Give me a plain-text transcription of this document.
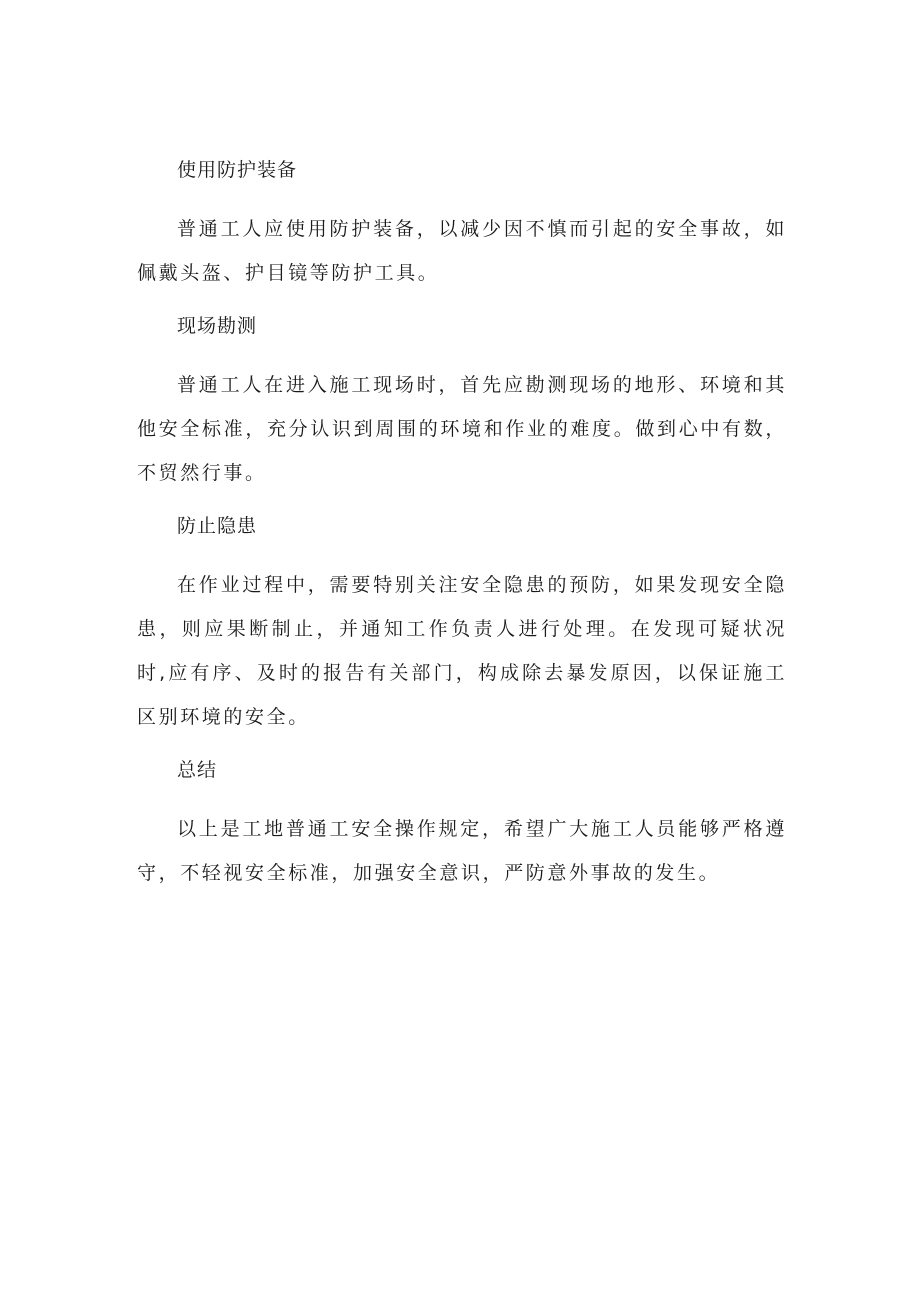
使用防护装备

普通工人应使用防护装备，以减少因不慎而引起的安全事故，如佩戴头盔、护目镜等防护工具。

现场勘测

普通工人在进入施工现场时，首先应勘测现场的地形、环境和其他安全标准，充分认识到周围的环境和作业的难度。做到心中有数，不贸然行事。

防止隐患

在作业过程中，需要特别关注安全隐患的预防，如果发现安全隐患，则应果断制止，并通知工作负责人进行处理。在发现可疑状况时,应有序、及时的报告有关部门，构成除去暴发原因，以保证施工区别环境的安全。

总结

以上是工地普通工安全操作规定，希望广大施工人员能够严格遵守，不轻视安全标准，加强安全意识，严防意外事故的发生。
